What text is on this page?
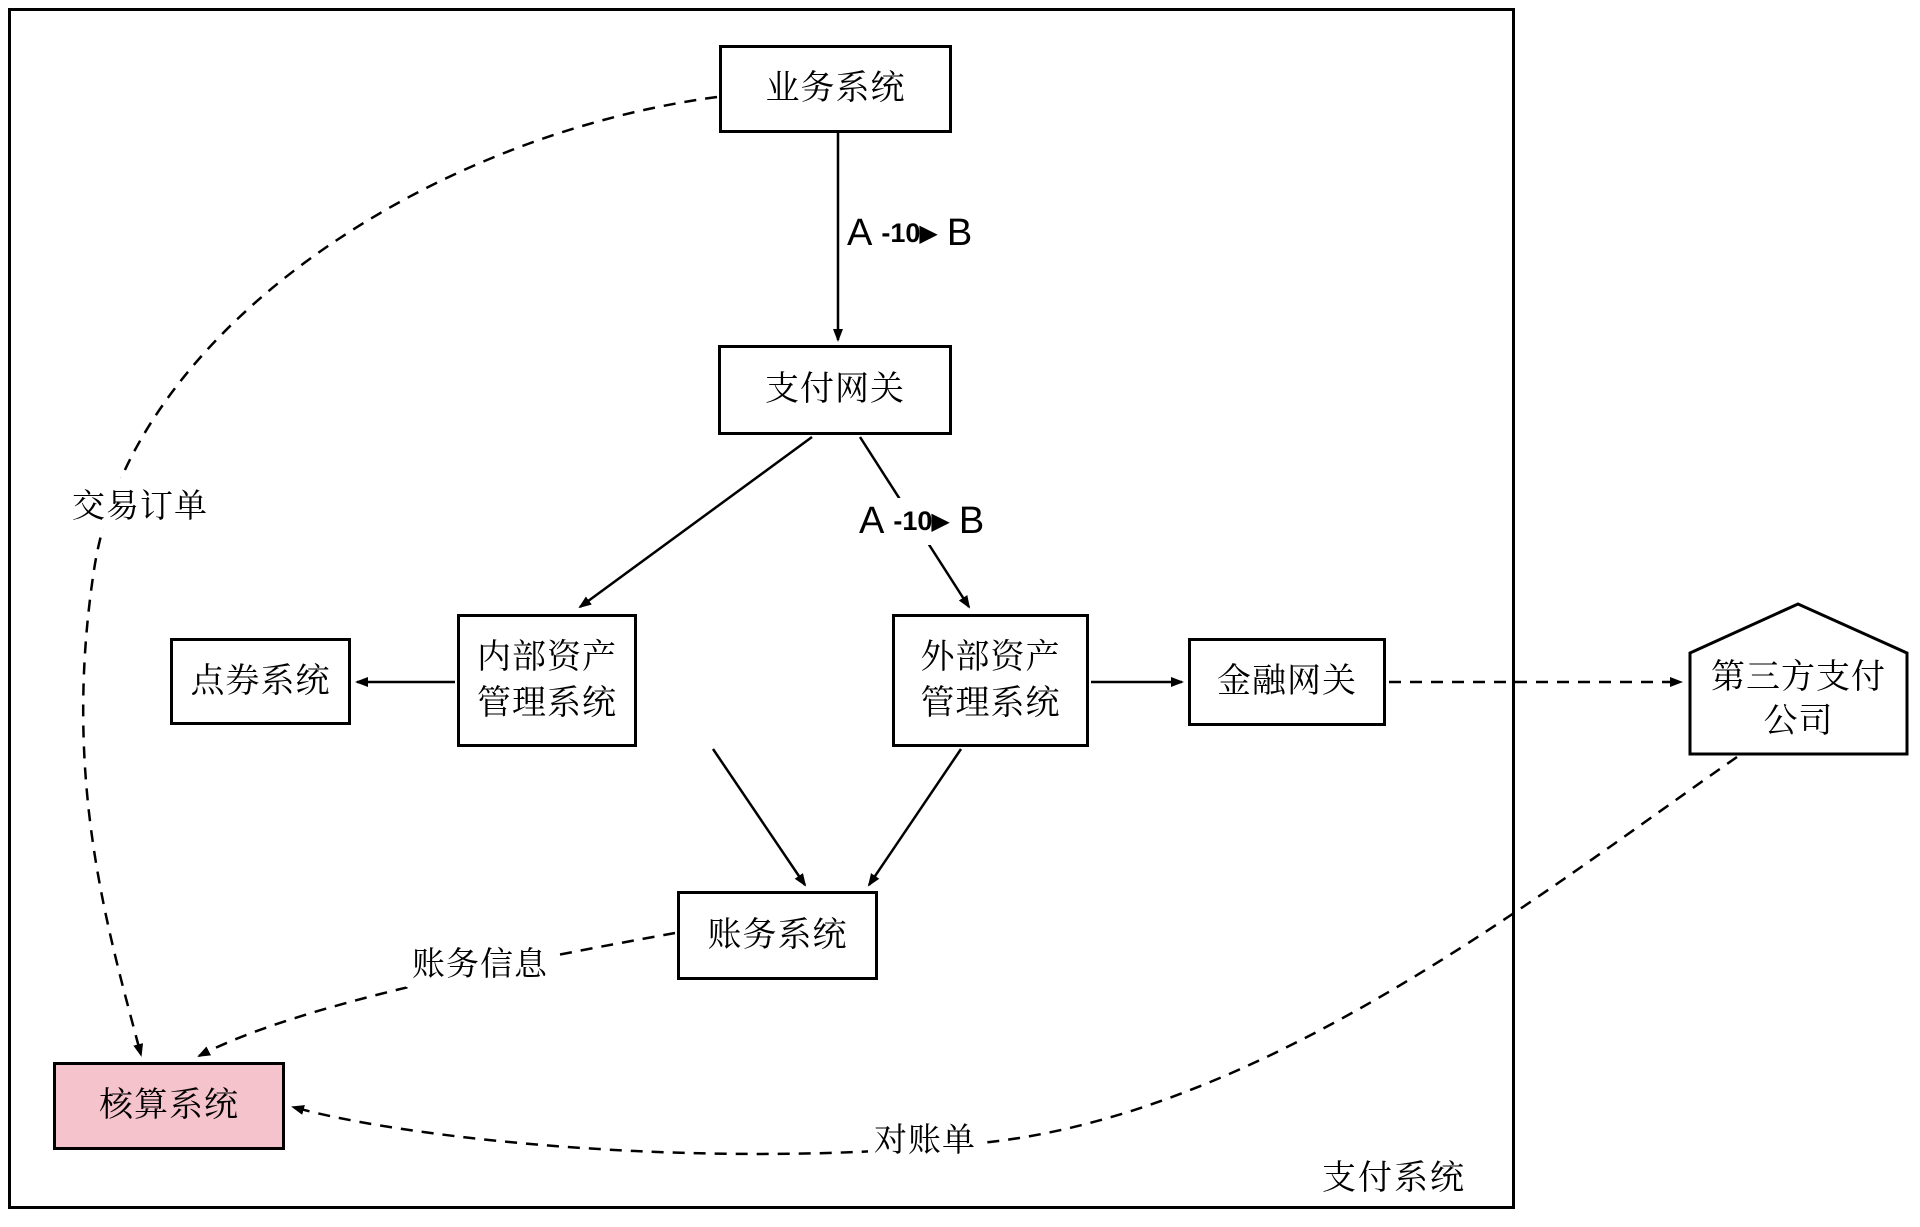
支付系统
业务系统
支付网关
点券系统
内部资产
管理系统
外部资产
管理系统
金融网关	第三方支付
公司
账务系统
核算系统
A -10 ▶ B
A -10 ▶ B
交易订单
账务信息
对账单
